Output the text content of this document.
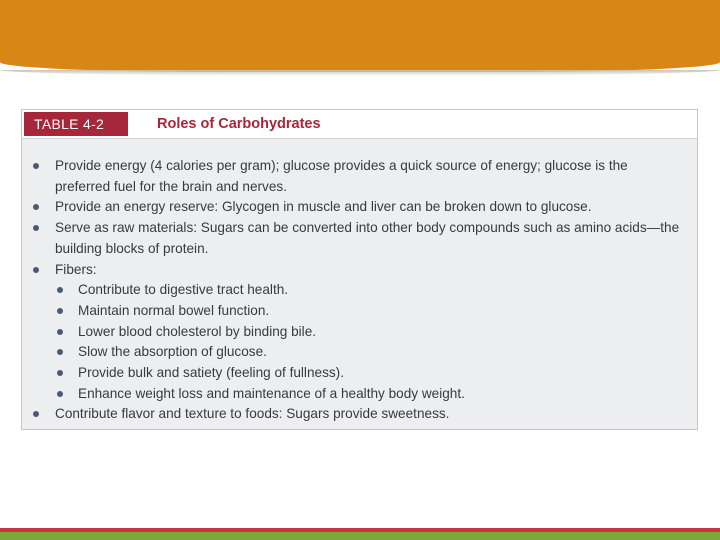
TABLE 4-2	Roles of Carbohydrates
Provide energy (4 calories per gram); glucose provides a quick source of energy; glucose is the preferred fuel for the brain and nerves.
Provide an energy reserve: Glycogen in muscle and liver can be broken down to glucose.
Serve as raw materials: Sugars can be converted into other body compounds such as amino acids—the building blocks of protein.
Fibers:
Contribute to digestive tract health.
Maintain normal bowel function.
Lower blood cholesterol by binding bile.
Slow the absorption of glucose.
Provide bulk and satiety (feeling of fullness).
Enhance weight loss and maintenance of a healthy body weight.
Contribute flavor and texture to foods: Sugars provide sweetness.
